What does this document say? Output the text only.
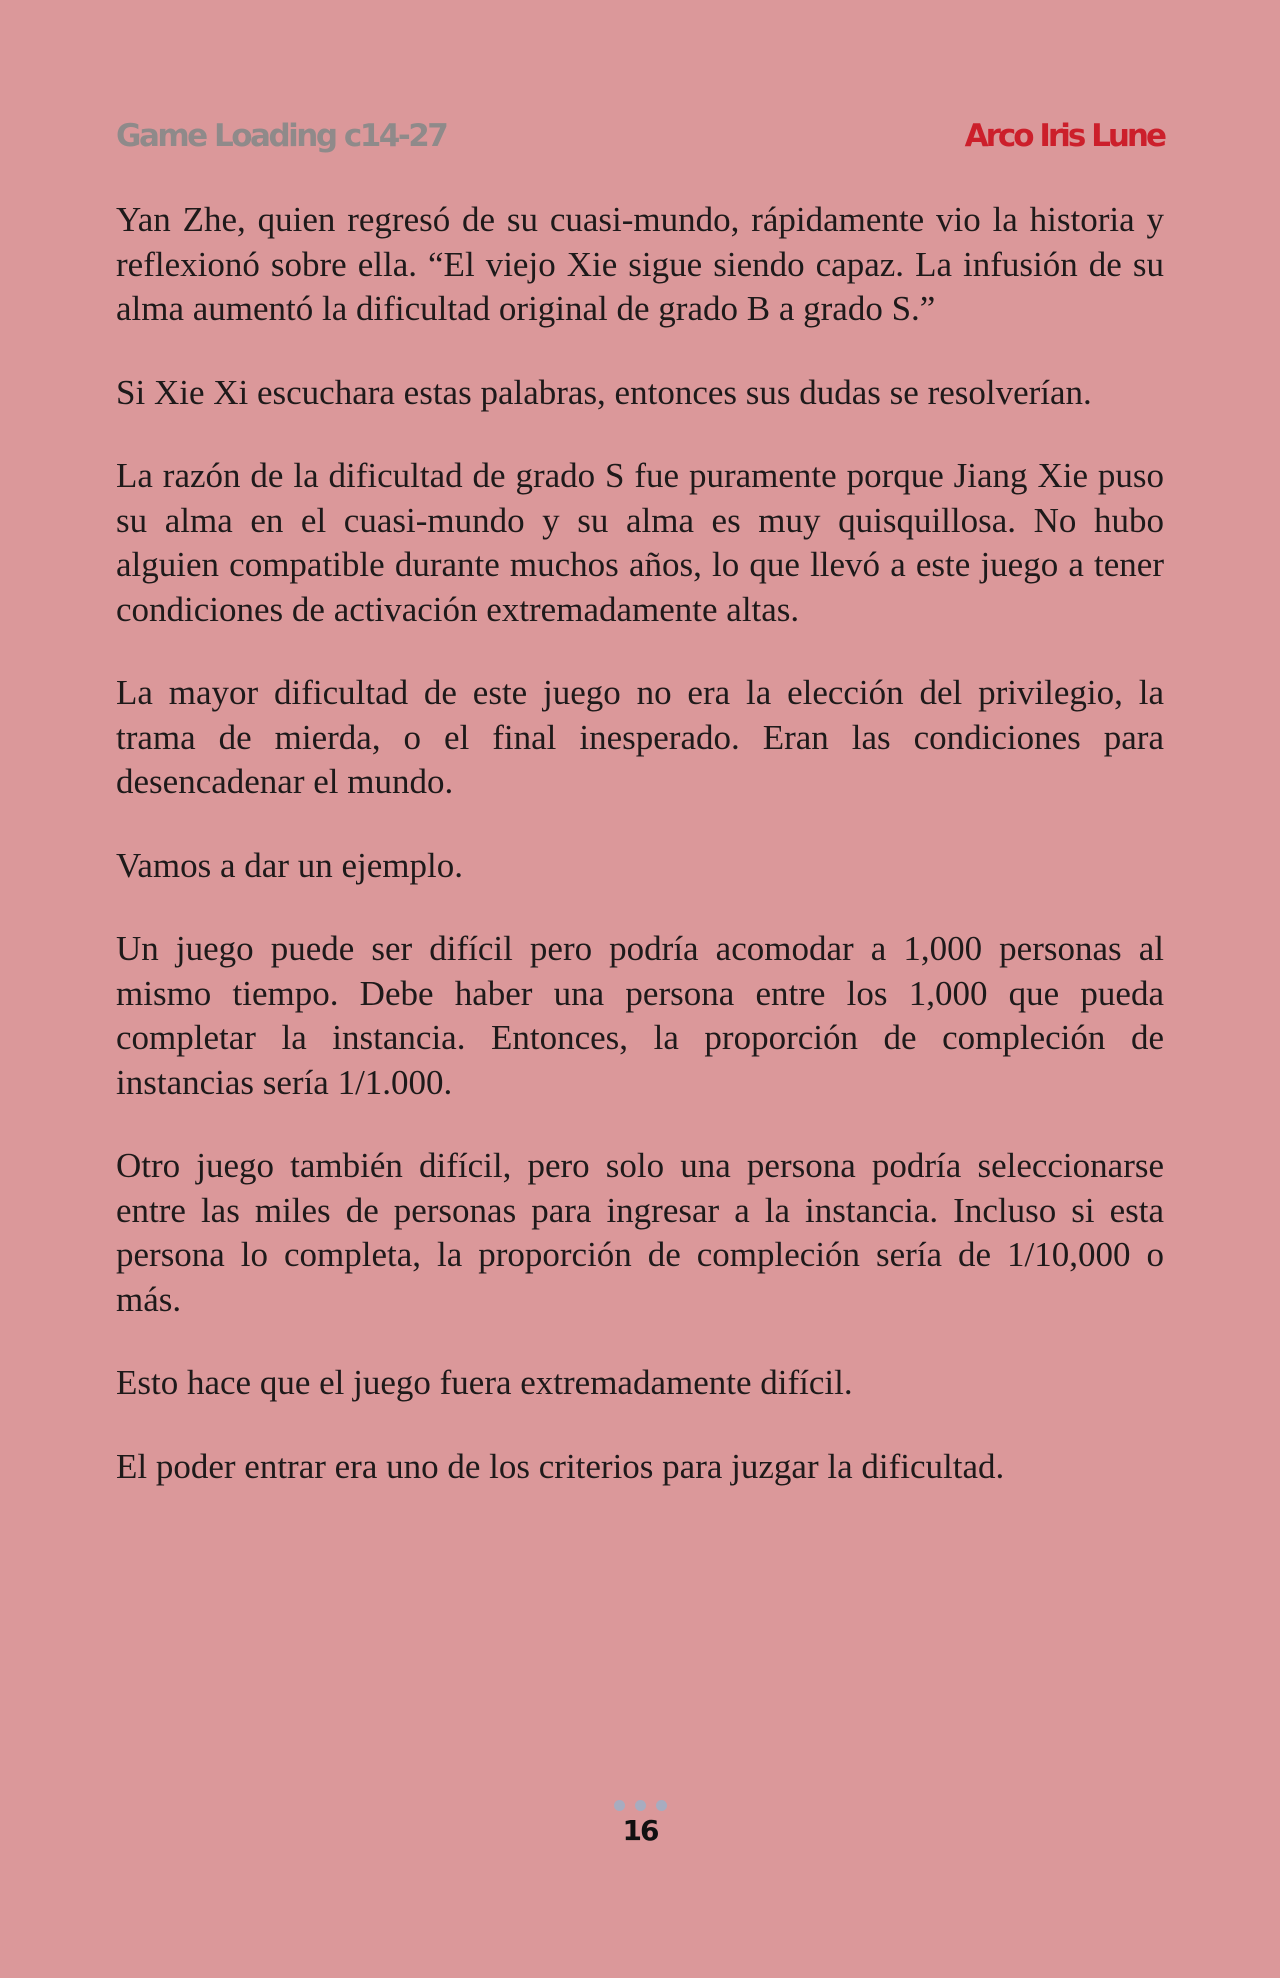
Game Loading c14-27	Arco Iris Lune

Yan Zhe, quien regresó de su cuasi-mundo, rápidamente vio la historia y reflexionó sobre ella. “El viejo Xie sigue siendo capaz. La infusión de su alma aumentó la dificultad original de grado B a grado S.”

Si Xie Xi escuchara estas palabras, entonces sus dudas se resolverían.

La razón de la dificultad de grado S fue puramente porque Jiang Xie puso su alma en el cuasi-mundo y su alma es muy quisquillosa. No hubo alguien compatible durante muchos años, lo que llevó a este juego a tener condiciones de activación extremadamente altas.

La mayor dificultad de este juego no era la elección del privilegio, la trama de mierda, o el final inesperado. Eran las condiciones para desencadenar el mundo.

Vamos a dar un ejemplo.

Un juego puede ser difícil pero podría acomodar a 1,000 personas al mismo tiempo. Debe haber una persona entre los 1,000 que pueda completar la instancia. Entonces, la proporción de compleción de instancias sería 1/1.000.

Otro juego también difícil, pero solo una persona podría seleccionarse entre las miles de personas para ingresar a la instancia. Incluso si esta persona lo completa, la proporción de compleción sería de 1/10,000 o más.

Esto hace que el juego fuera extremadamente difícil.

El poder entrar era uno de los criterios para juzgar la dificultad.

16
